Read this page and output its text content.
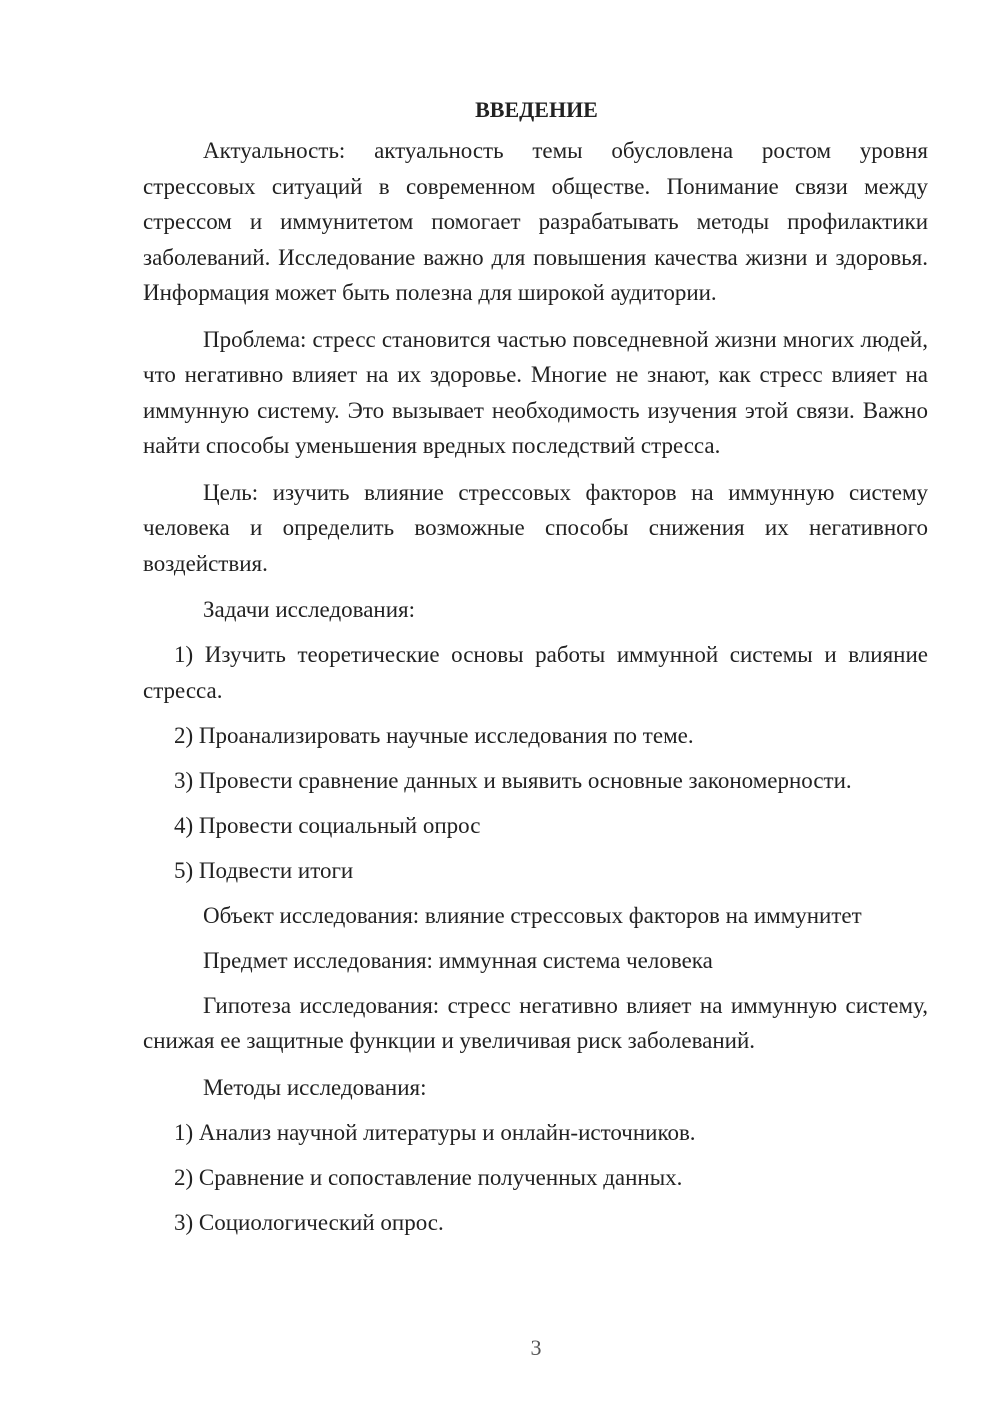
ВВЕДЕНИЕ

Актуальность: актуальность темы обусловлена ростом уровня стрессовых ситуаций в современном обществе. Понимание связи между стрессом и иммунитетом помогает разрабатывать методы профилактики заболеваний. Исследование важно для повышения качества жизни и здоровья. Информация может быть полезна для широкой аудитории.

Проблема: стресс становится частью повседневной жизни многих людей, что негативно влияет на их здоровье. Многие не знают, как стресс влияет на иммунную систему. Это вызывает необходимость изучения этой связи. Важно найти способы уменьшения вредных последствий стресса.

Цель: изучить влияние стрессовых факторов на иммунную систему человека и определить возможные способы снижения их негативного воздействия.

Задачи исследования:
1) Изучить теоретические основы работы иммунной системы и влияние стресса.
2) Проанализировать научные исследования по теме.
3) Провести сравнение данных и выявить основные закономерности.
4) Провести социальный опрос
5) Подвести итоги
Объект исследования: влияние стрессовых факторов на иммунитет
Предмет исследования: иммунная система человека

Гипотеза исследования: стресс негативно влияет на иммунную систему, снижая ее защитные функции и увеличивая риск заболеваний.

Методы исследования:
1) Анализ научной литературы и онлайн-источников.
2) Сравнение и сопоставление полученных данных.
3) Социологический опрос.
3
